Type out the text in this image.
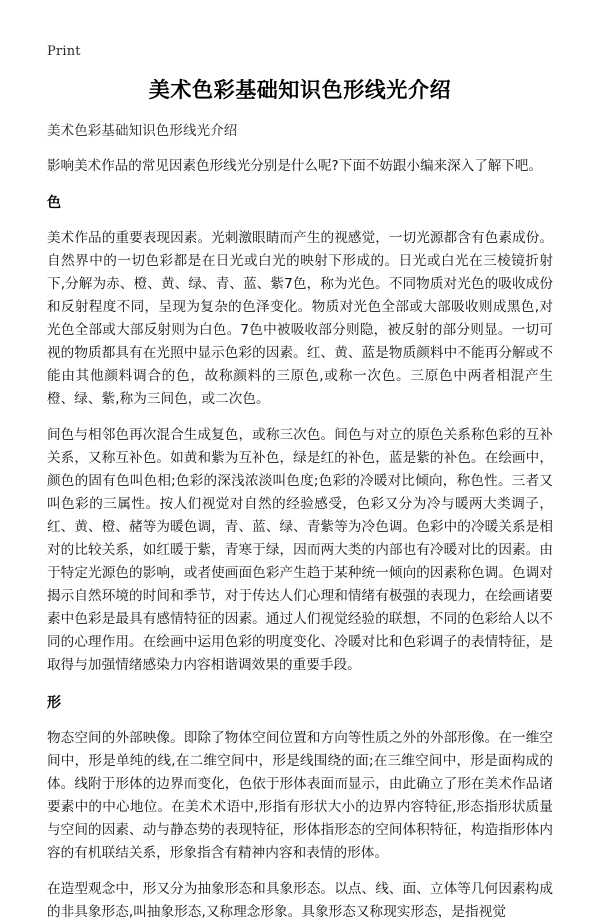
Print
美术色彩基础知识色形线光介绍
美术色彩基础知识色形线光介绍

影响美术作品的常见因素色形线光分别是什么呢?下面不妨跟小编来深入了解下吧。

色

美术作品的重要表现因素。光刺激眼睛而产生的视感觉，一切光源都含有色素成份。自然界中的一切色彩都是在日光或白光的映射下形成的。日光或白光在三棱镜折射下,分解为赤、橙、黄、绿、青、蓝、紫7色，称为光色。不同物质对光色的吸收成份和反射程度不同，呈现为复杂的色泽变化。物质对光色全部或大部吸收则成黑色,对光色全部或大部反射则为白色。7色中被吸收部分则隐，被反射的部分则显。一切可视的物质都具有在光照中显示色彩的因素。红、黄、蓝是物质颜料中不能再分解或不能由其他颜料调合的色，故称颜料的三原色,或称一次色。三原色中两者相混产生橙、绿、紫,称为三间色，或二次色。

间色与相邻色再次混合生成复色，或称三次色。间色与对立的原色关系称色彩的互补关系，又称互补色。如黄和紫为互补色，绿是红的补色，蓝是紫的补色。在绘画中，颜色的固有色叫色相;色彩的深浅浓淡叫色度;色彩的冷暖对比倾向，称色性。三者又叫色彩的三属性。按人们视觉对自然的经验感受，色彩又分为冷与暖两大类调子，红、黄、橙、赭等为暖色调，青、蓝、绿、青紫等为冷色调。色彩中的冷暖关系是相对的比较关系，如红暖于紫，青寒于绿，因而两大类的内部也有冷暖对比的因素。由于特定光源色的影响，或者使画面色彩产生趋于某种统一倾向的因素称色调。色调对揭示自然环境的时间和季节，对于传达人们心理和情绪有极强的表现力，在绘画诸要素中色彩是最具有感情特征的因素。通过人们视觉经验的联想，不同的色彩给人以不同的心理作用。在绘画中运用色彩的明度变化、冷暖对比和色彩调子的表情特征，是取得与加强情绪感染力内容相谐调效果的重要手段。

形

物态空间的外部映像。即除了物体空间位置和方向等性质之外的外部形像。在一维空间中，形是单纯的线,在二维空间中，形是线围绕的面;在三维空间中，形是面构成的体。线附于形体的边界而变化，色依于形体表面而显示，由此确立了形在美术作品诸要素中的中心地位。在美术术语中,形指有形状大小的边界内容特征,形态指形状质量与空间的因素、动与静态势的表现特征，形体指形态的空间体积特征，构造指形体内容的有机联结关系，形象指含有精神内容和表情的形体。

在造型观念中，形又分为抽象形态和具象形态。以点、线、面、立体等几何因素构成的非具象形态,叫抽象形态,又称理念形象。具象形态又称现实形态，是指视觉
